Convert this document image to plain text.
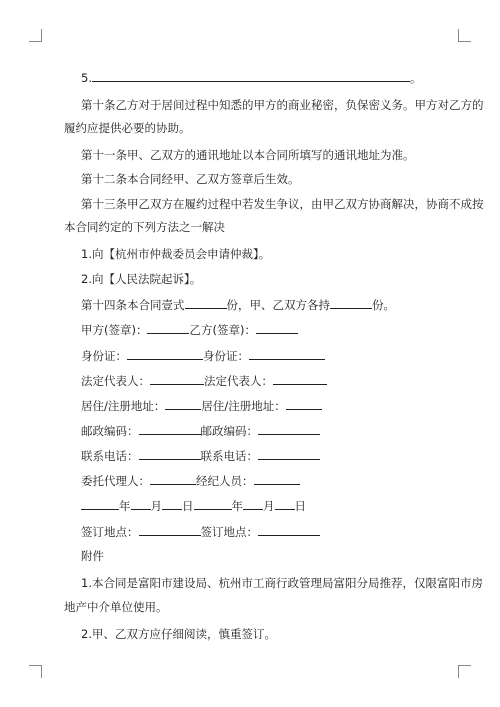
5.	。
第十条乙方对于居间过程中知悉的甲方的商业秘密，负保密义务。甲方对乙方的
履约应提供必要的协助。
第十一条甲、乙双方的通讯地址以本合同所填写的通讯地址为准。
第十二条本合同经甲、乙双方签章后生效。
第十三条甲乙双方在履约过程中若发生争议，由甲乙双方协商解决，协商不成按
本合同约定的下列方法之一解决
1.向【杭州市仲裁委员会申请仲裁】。
2.向【人民法院起诉】。
第十四条本合同壹式	份，甲、乙双方各持	份。
甲方(签章)：	乙方(签章)：
身份证：	身份证：
法定代表人：	法定代表人：
居住/注册地址：	居住/注册地址：
邮政编码：	邮政编码：
联系电话：	联系电话：
委托代理人：	经纪人员：
年 月 日	年 月 日
签订地点：	签订地点：
附件
1.本合同是富阳市建设局、杭州市工商行政管理局富阳分局推荐，仅限富阳市房
地产中介单位使用。
2.甲、乙双方应仔细阅读，慎重签订。
